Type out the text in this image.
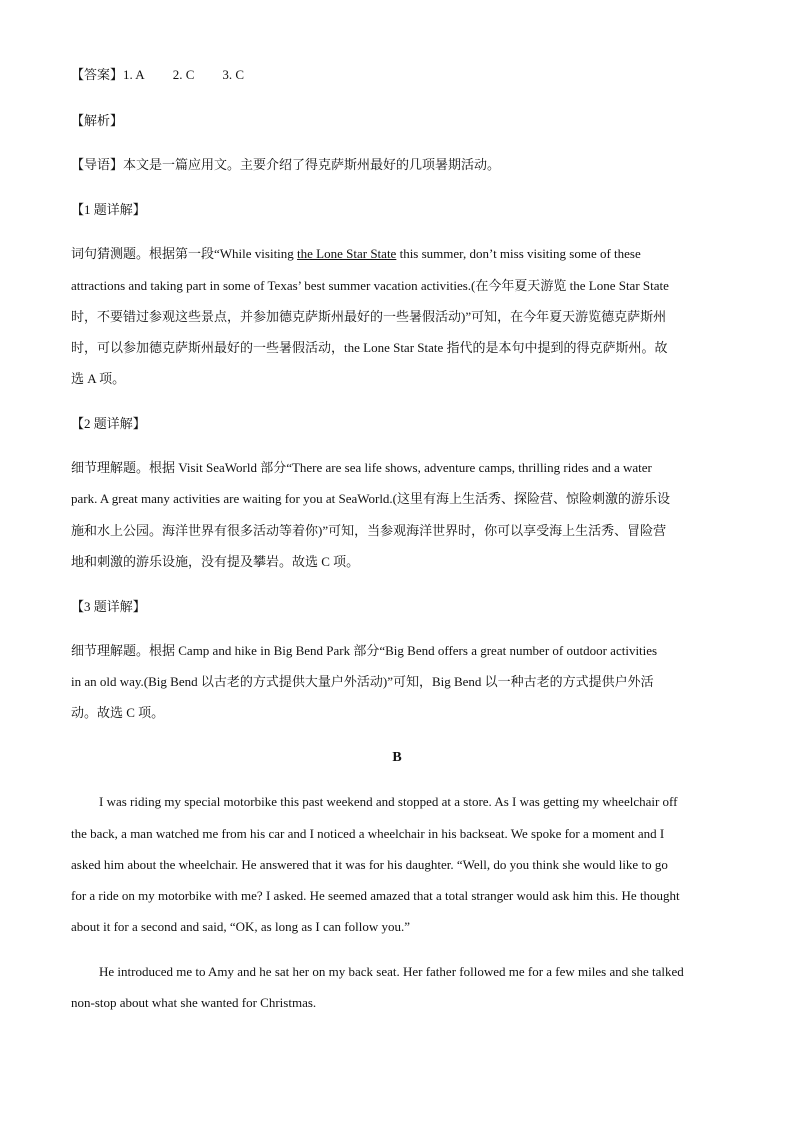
【答案】1. A 2. C 3. C
【解析】
【导语】本文是一篇应用文。主要介绍了得克萨斯州最好的几项暑期活动。
【1 题详解】
词句猜测题。根据第一段“While visiting the Lone Star State this summer, don’t miss visiting some of these
attractions and taking part in some of Texas’ best summer vacation activities.(在今年夏天游览 the Lone Star State
时，不要错过参观这些景点，并参加德克萨斯州最好的一些暑假活动)”可知，在今年夏天游览德克萨斯州
时，可以参加德克萨斯州最好的一些暑假活动，the Lone Star State 指代的是本句中提到的得克萨斯州。故
选 A 项。
【2 题详解】
细节理解题。根据 Visit SeaWorld 部分“There are sea life shows, adventure camps, thrilling rides and a water
park. A great many activities are waiting for you at SeaWorld.(这里有海上生活秀、探险营、惊险刺激的游乐设
施和水上公园。海洋世界有很多活动等着你)”可知，当参观海洋世界时，你可以享受海上生活秀、冒险营
地和刺激的游乐设施，没有提及攀岩。故选 C 项。
【3 题详解】
细节理解题。根据 Camp and hike in Big Bend Park 部分“Big Bend offers a great number of outdoor activities
in an old way.(Big Bend 以古老的方式提供大量户外活动)”可知，Big Bend 以一种古老的方式提供户外活
动。故选 C 项。
B
I was riding my special motorbike this past weekend and stopped at a store. As I was getting my wheelchair off
the back, a man watched me from his car and I noticed a wheelchair in his backseat. We spoke for a moment and I
asked him about the wheelchair. He answered that it was for his daughter. “Well, do you think she would like to go
for a ride on my motorbike with me? I asked. He seemed amazed that a total stranger would ask him this. He thought
about it for a second and said, “OK, as long as I can follow you.”
He introduced me to Amy and he sat her on my back seat. Her father followed me for a few miles and she talked
non-stop about what she wanted for Christmas.
